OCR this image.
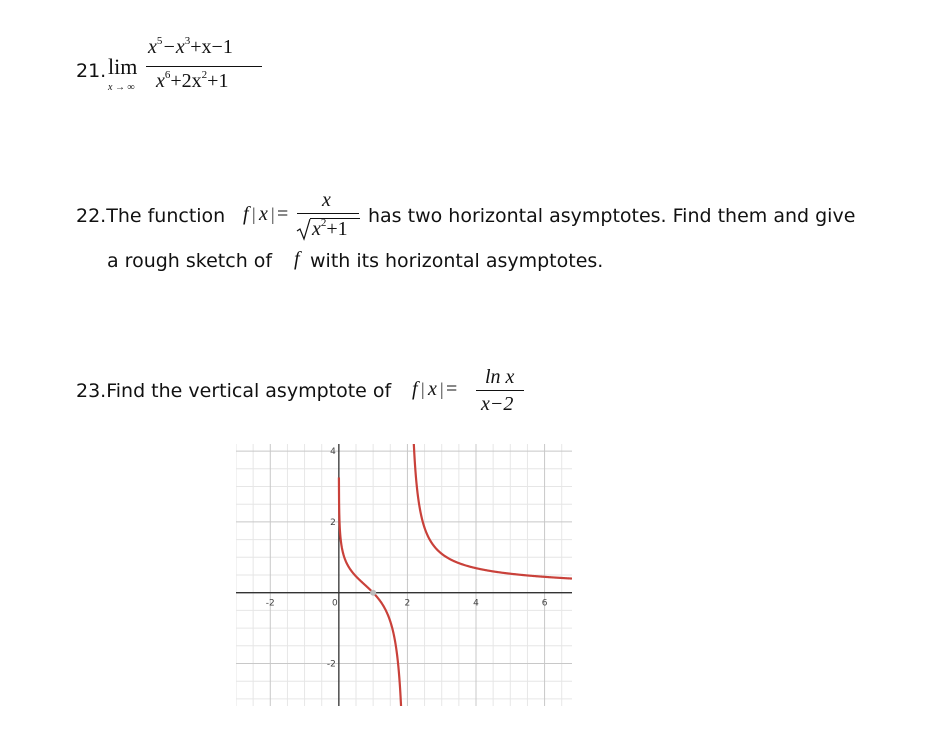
21. lim
x → ∞
$x^5-x^3+x-1$
$x^6+2x^2+1$
22.The function f | x | =
x
$x^2+1$
has two horizontal asymptotes. Find them and give
a rough sketch of f with its horizontal asymptotes.
23.Find the vertical asymptote of f | x | =
ln x
x−2
-2	0	2	4	6
4
2
-2
